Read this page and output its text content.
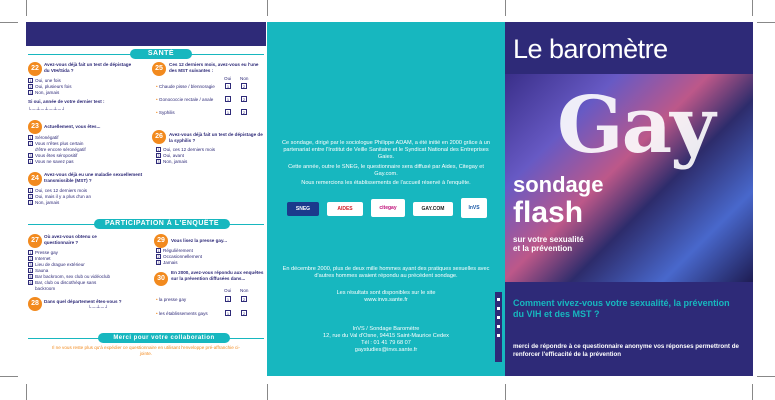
SANTÉ
22
Avez-vous déjà fait un test de dépistage du VIH/Sida ?
1 Oui, une fois
2 Oui, plusieurs fois
3 Non, jamais
Si oui, année de votre dernier test :
└─┴─┴─┴─┘
23	Actuellement, vous êtes...
1 Séronégatif
2 Vous n'êtes plus certain
d'être encore séronégatif
3 Vous êtes séropositif
4 Vous ne savez pas
24
Avez-vous déjà eu une maladie sexuellement transmissible (MST) ?
1 Oui, ces 12 derniers mois
2 Oui, mais il y a plus d'un an
3 Non, jamais
25
Ces 12 derniers mois, avez-vous eu l'une des MST suivantes :
Oui Non
• Chaude pisse / blennoragie	1	2
• Gonococcie rectale / anale	1	2
• Syphilis	1	2
26	Avez-vous déjà fait un test de dépistage de la syphilis ?
1 Oui, ces 12 derniers mois
2 Oui, avant
3 Non, jamais
PARTICIPATION À L'ENQUÊTE
27
Où avez-vous obtenu ce questionnaire ?
1 Presse gay
2 Internet
3 Lieu de drague extérieur
4 Sauna
5 Bar backroom, sex club ou vidéoclub
6 Bar, club ou discothèque sans
backroom
28	Dans quel département êtes-vous ?
└─┴─┘
29	Vous lisez la presse gay...
1 Régulièrement
2 Occasionnellement
3 Jamais
30
En 2000, avez-vous répondu aux enquêtes sur la prévention diffusées dans...
Oui Non
• la presse gay	1	2
• les établissements gays	1	2
Merci pour votre collaboration
Il ne vous reste plus qu'à expédier ce questionnaire en utilisant l'enveloppe pré-affranchie ci-jointe.
Ce sondage, dirigé par le sociologue Philippe ADAM, a été initié en 2000 grâce à un partenariat entre l'Institut de Veille Sanitaire et le Syndicat National des Entreprises Gaies.
Cette année, outre le SNEG, le questionnaire sera diffusé par Aides, Citegay et Gay.com.
Nous remercions les établissements de l'accueil réservé à l'enquête.
SNEG	AIDES	citegay	GAY.COM	InVS
En décembre 2000, plus de deux mille hommes ayant des pratiques sexuelles avec d'autres hommes avaient répondu au précédent sondage.
Les résultats sont disponibles sur le site
www.invs.sante.fr
InVS / Sondage Baromètre
12, rue du Val d'Osne, 94415 Saint-Maurice Cedex
Tél : 01 41 79 68 07
gaystudies@invs.sante.fr
Le baromètre
Gay
sondage
flash
sur votre sexualité
et la prévention
Comment vivez-vous votre sexualité, la prévention du VIH et des MST ?
merci de répondre à ce questionnaire anonyme vos réponses permettront de renforcer l'efficacité de la prévention
